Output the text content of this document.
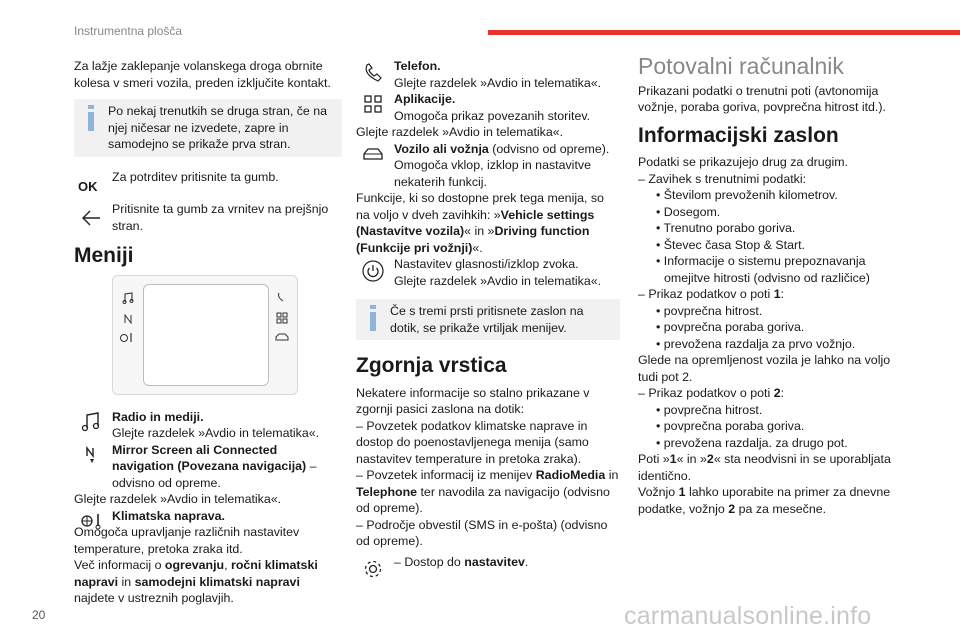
Instrumentna plošča

Za lažje zaklepanje volanskega droga obrnite kolesa v smeri vozila, preden izključite kontakt.

Po nekaj trenutkih se druga stran, če na njej ničesar ne izvedete, zapre in samodejno se prikaže prva stran.
OK
Za potrditev pritisnite ta gumb.
Pritisnite ta gumb za vrnitev na prejšnjo stran.
Meniji

Radio in mediji.

Glejte razdelek »Avdio in telematika«.

Mirror Screen ali Connected navigation (Povezana navigacija) – odvisno od opreme.

Glejte razdelek »Avdio in telematika«.

Klimatska naprava.

Omogoča upravljanje različnih nastavitev temperature, pretoka zraka itd.

Več informacij o ogrevanju, ročni klimatski napravi in samodejni klimatski napravi najdete v ustreznih poglavjih.

Telefon.

Glejte razdelek »Avdio in telematika«.

Aplikacije.

Omogoča prikaz povezanih storitev.

Glejte razdelek »Avdio in telematika«.

Vozilo ali vožnja (odvisno od opreme).

Omogoča vklop, izklop in nastavitve nekaterih funkcij.

Funkcije, ki so dostopne prek tega menija, so na voljo v dveh zavihkih: »Vehicle settings (Nastavitve vozila)« in »Driving function (Funkcije pri vožnji)«.

Nastavitev glasnosti/izklop zvoka.

Glejte razdelek »Avdio in telematika«.

Če s tremi prsti pritisnete zaslon na dotik, se prikaže vrtiljak menijev.
Zgornja vrstica

Nekatere informacije so stalno prikazane v zgornji pasici zaslona na dotik:

– Povzetek podatkov klimatske naprave in dostop do poenostavljenega menija (samo nastavitev temperature in pretoka zraka).

– Povzetek informacij iz menijev RadioMedia in Telephone ter navodila za navigacijo (odvisno od opreme).

– Področje obvestil (SMS in e-pošta) (odvisno od opreme).

– Dostop do nastavitev.

Potovalni računalnik

Prikazani podatki o trenutni poti (avtonomija vožnje, poraba goriva, povprečna hitrost itd.).

Informacijski zaslon

Podatki se prikazujejo drug za drugim.

– Zavihek s trenutnimi podatki:

• Številom prevoženih kilometrov.

• Dosegom.

• Trenutno porabo goriva.

• Števec časa Stop & Start.

• Informacije o sistemu prepoznavanja omejitve hitrosti (odvisno od različice)

– Prikaz podatkov o poti 1:

• povprečna hitrost.

• povprečna poraba goriva.

• prevožena razdalja za prvo vožnjo.

Glede na opremljenost vozila je lahko na voljo tudi pot 2.

– Prikaz podatkov o poti 2:

• povprečna hitrost.

• povprečna poraba goriva.

• prevožena razdalja. za drugo pot.

Poti »1« in »2« sta neodvisni in se uporabljata identično.

Vožnjo 1 lahko uporabite na primer za dnevne podatke, vožnjo 2 pa za mesečne.

20	carmanualsonline.info
